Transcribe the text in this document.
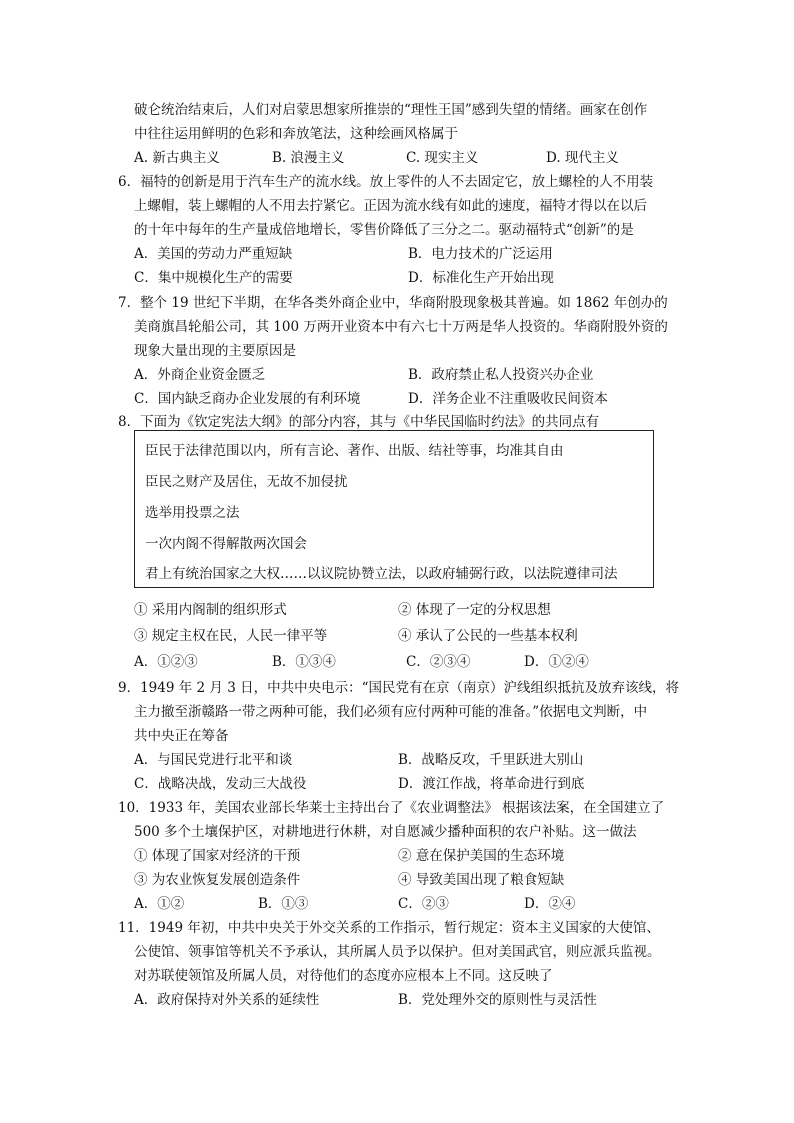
破仑统治结束后，人们对启蒙思想家所推崇的“理性王国”感到失望的情绪。画家在创作
中往往运用鲜明的色彩和奔放笔法，这种绘画风格属于
A. 新古典主义	B. 浪漫主义	C. 现实主义	D. 现代主义
6．福特的创新是用于汽车生产的流水线。放上零件的人不去固定它，放上螺栓的人不用装
上螺帽，装上螺帽的人不用去拧紧它。正因为流水线有如此的速度，福特才得以在以后
的十年中每年的生产量成倍地增长，零售价降低了三分之二。驱动福特式“创新”的是
A．美国的劳动力严重短缺	B．电力技术的广泛运用
C．集中规模化生产的需要	D．标准化生产开始出现
7．整个 19 世纪下半期，在华各类外商企业中，华商附股现象极其普遍。如 1862 年创办的
美商旗昌轮船公司，其 100 万两开业资本中有六七十万两是华人投资的。华商附股外资的
现象大量出现的主要原因是
A．外商企业资金匮乏	B．政府禁止私人投资兴办企业
C．国内缺乏商办企业发展的有利环境	D．洋务企业不注重吸收民间资本
8．下面为《钦定宪法大纲》的部分内容，其与《中华民国临时约法》的共同点有
臣民于法律范围以内，所有言论、著作、出版、结社等事，均准其自由
臣民之财产及居住，无故不加侵扰
选举用投票之法
一次内阁不得解散两次国会
君上有统治国家之大权……以议院协赞立法，以政府辅弼行政，以法院遵律司法
① 采用内阁制的组织形式	② 体现了一定的分权思想
③ 规定主权在民，人民一律平等	④ 承认了公民的一些基本权利
A．①②③	B．①③④	C．②③④	D．①②④
9．1949 年 2 月 3 日，中共中央电示：“国民党有在京（南京）沪线组织抵抗及放弃该线，将
主力撤至浙赣路一带之两种可能，我们必须有应付两种可能的准备。”依据电文判断，中
共中央正在筹备
A．与国民党进行北平和谈	B．战略反攻，千里跃进大别山
C．战略决战，发动三大战役	D．渡江作战，将革命进行到底
10．1933 年，美国农业部长华莱士主持出台了《农业调整法》 根据该法案，在全国建立了
500 多个土壤保护区，对耕地进行休耕，对自愿减少播种面积的农户补贴。这一做法
① 体现了国家对经济的干预	② 意在保护美国的生态环境
③ 为农业恢复发展创造条件	④ 导致美国出现了粮食短缺
A．①②	B．①③	C．②③	D．②④
11．1949 年初，中共中央关于外交关系的工作指示，暂行规定：资本主义国家的大使馆、
公使馆、领事馆等机关不予承认，其所属人员予以保护。但对美国武官，则应派兵监视。
对苏联使领馆及所属人员，对待他们的态度亦应根本上不同。这反映了
A．政府保持对外关系的延续性	B．党处理外交的原则性与灵活性
